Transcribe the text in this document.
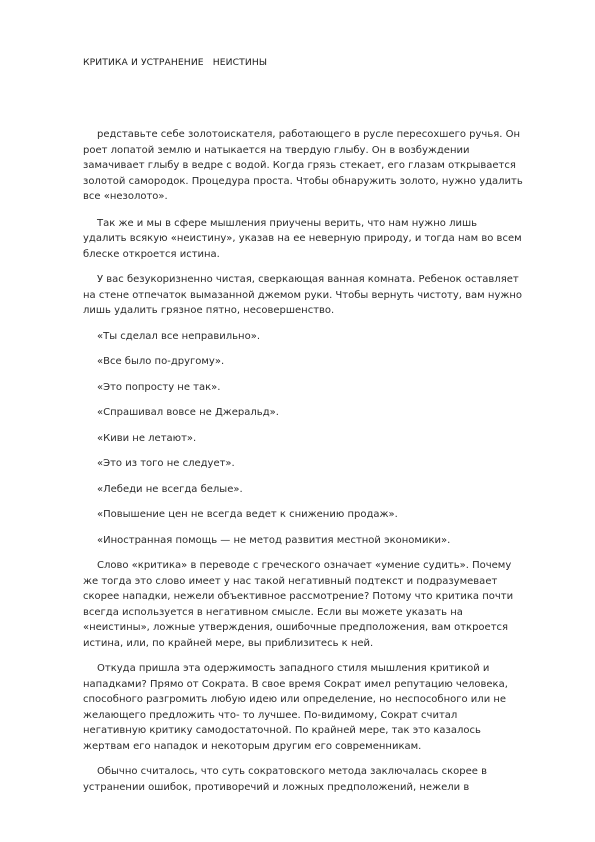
КРИТИКА И УСТРАНЕНИЕ   НЕИСТИНЫ

редставьте себе золотоискателя, работающего в русле пересохшего ручья. Он роет лопатой землю и натыкается на твердую глыбу. Он в возбуждении замачивает глыбу в ведре с водой. Когда грязь стекает, его глазам открывается золотой самородок. Процедура проста. Чтобы обнаружить золото, нужно удалить все «незолото».

Так же и мы в сфере мышления приучены верить, что нам нужно лишь удалить всякую «неистину», указав на ее неверную природу, и тогда нам во всем блеске откроется истина.

У вас безукоризненно чистая, сверкающая ванная комната. Ребенок оставляет на стене отпечаток вымазанной джемом руки. Чтобы вернуть чистоту, вам нужно лишь удалить грязное пятно, несовершенство.

«Ты сделал все неправильно».

«Все было по-другому».

«Это попросту не так».

«Спрашивал вовсе не Джеральд».

«Киви не летают».

«Это из того не следует».

«Лебеди не всегда белые».

«Повышение цен не всегда ведет к снижению продаж».

«Иностранная помощь — не метод развития местной экономики».

Слово «критика» в переводе с греческого означает «умение судить». Почему же тогда это слово имеет у нас такой негативный подтекст и подразумевает скорее нападки, нежели объективное рассмотрение? Потому что критика почти всегда используется в негативном смысле. Если вы можете указать на «неистины», ложные утверждения, ошибочные предположения, вам откроется истина, или, по крайней мере, вы приблизитесь к ней.

Откуда пришла эта одержимость западного стиля мышления критикой и нападками? Прямо от Сократа. В свое время Сократ имел репутацию человека, способного разгромить любую идею или определение, но неспособного или не желающего предложить что- то лучшее. По-видимому, Сократ считал негативную критику самодостаточной. По крайней мере, так это казалось жертвам его нападок и некоторым другим его современникам.

Обычно считалось, что суть сократовского метода заключалась скорее в устранении ошибок, противоречий и ложных предположений, нежели в
